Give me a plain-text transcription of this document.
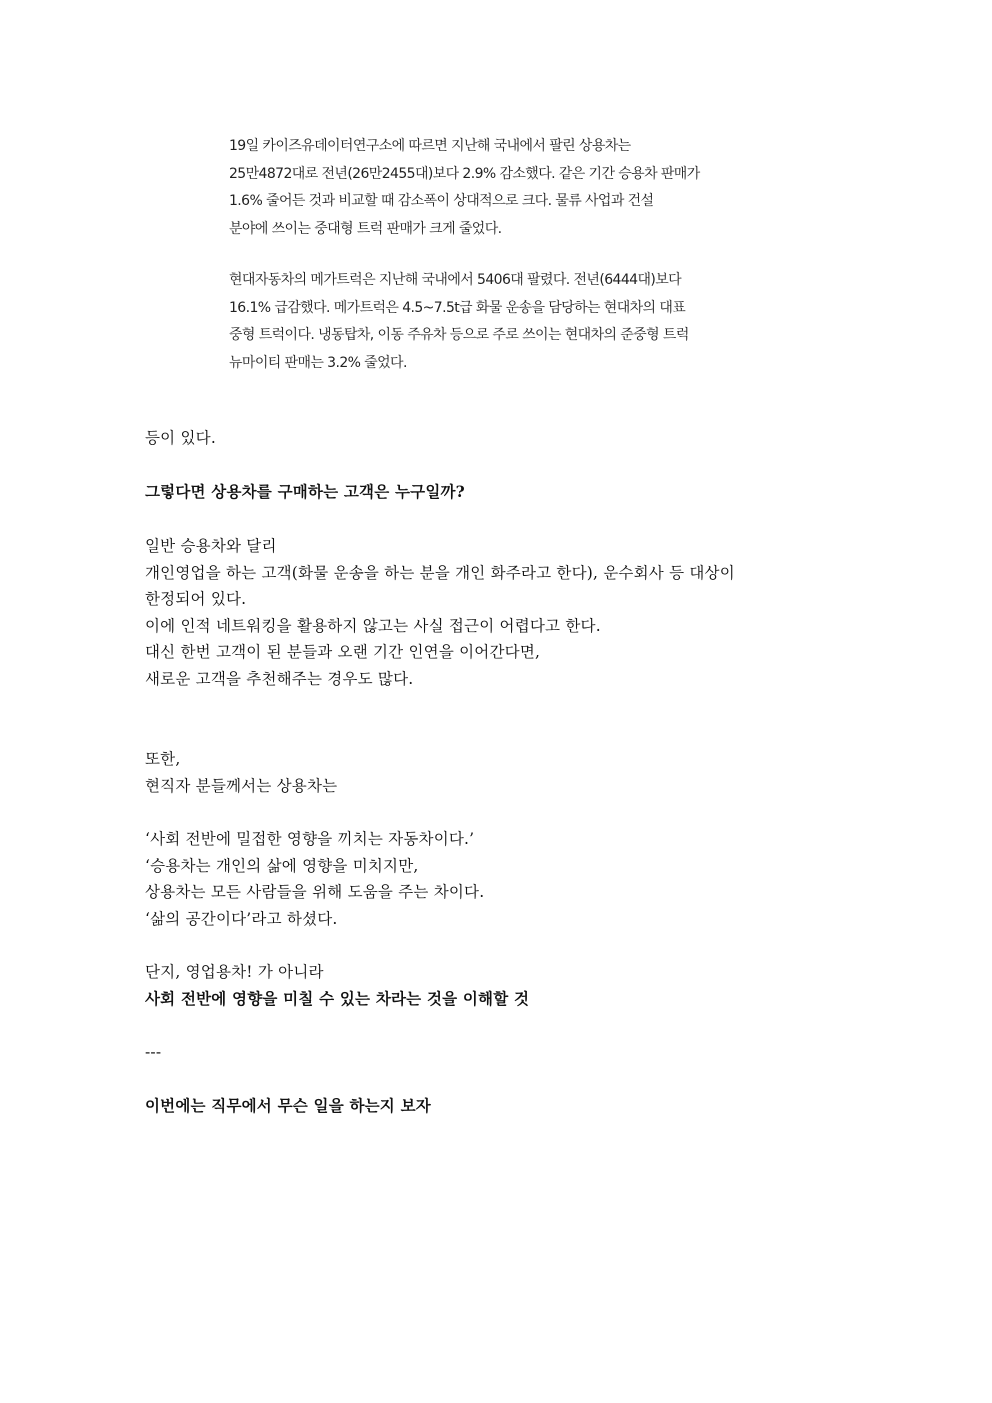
19일 카이즈유데이터연구소에 따르면 지난해 국내에서 팔린 상용차는
25만4872대로 전년(26만2455대)보다 2.9% 감소했다. 같은 기간 승용차 판매가
1.6% 줄어든 것과 비교할 때 감소폭이 상대적으로 크다. 물류 사업과 건설
분야에 쓰이는 중대형 트럭 판매가 크게 줄었다.

현대자동차의 메가트럭은 지난해 국내에서 5406대 팔렸다. 전년(6444대)보다
16.1% 급감했다. 메가트럭은 4.5~7.5t급 화물 운송을 담당하는 현대차의 대표
중형 트럭이다. 냉동탑차, 이동 주유차 등으로 주로 쓰이는 현대차의 준중형 트럭
뉴마이티 판매는 3.2% 줄었다.

등이 있다.
그렇다면 상용차를 구매하는 고객은 누구일까?
일반 승용차와 달리
개인영업을 하는 고객(화물 운송을 하는 분을 개인 화주라고 한다), 운수회사 등 대상이
한정되어 있다.
이에 인적 네트워킹을 활용하지 않고는 사실 접근이 어렵다고 한다.
대신 한번 고객이 된 분들과 오랜 기간 인연을 이어간다면,
새로운 고객을 추천해주는 경우도 많다.
또한,
현직자 분들께서는 상용차는
‘사회 전반에 밀접한 영향을 끼치는 자동차이다.’
‘승용차는 개인의 삶에 영향을 미치지만,
상용차는 모든 사람들을 위해 도움을 주는 차이다.
‘삶의 공간이다’라고 하셨다.
단지, 영업용차! 가 아니라
사회 전반에 영향을 미칠 수 있는 차라는 것을 이해할 것
---
이번에는 직무에서 무슨 일을 하는지 보자
